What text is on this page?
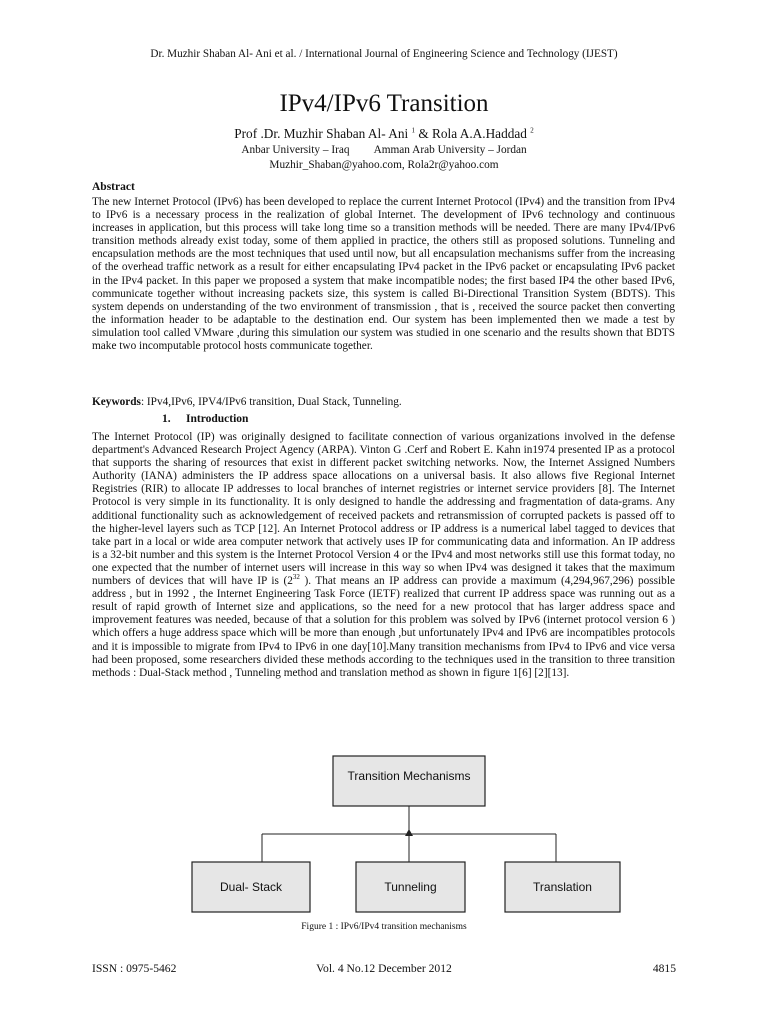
Dr. Muzhir Shaban Al- Ani et al. / International Journal of Engineering Science and Technology (IJEST)
IPv4/IPv6 Transition
Prof .Dr. Muzhir Shaban Al- Ani $^1$ & Rola A.A.Haddad $^2$
Anbar University – Iraq Amman Arab University – Jordan
Muzhir_Shaban@yahoo.com, Rola2r@yahoo.com
Abstract

The new Internet Protocol (IPv6) has been developed to replace the current Internet Protocol (IPv4) and the transition from IPv4 to IPv6 is a necessary process in the realization of global Internet. The development of IPv6 technology and continuous increases in application, but this process will take long time so a transition methods will be needed. There are many IPv4/IPv6 transition methods already exist today, some of them applied in practice, the others still as proposed solutions. Tunneling and encapsulation methods are the most techniques that used until now, but all encapsulation mechanisms suffer from the increasing of the overhead traffic network as a result for either encapsulating IPv4 packet in the IPv6 packet or encapsulating IPv6 packet in the IPv4 packet. In this paper we proposed a system that make incompatible nodes; the first based IP4 the other based IPv6, communicate together without increasing packets size, this system is called Bi-Directional Transition System (BDTS). This system depends on understanding of the two environment of transmission , that is , received the source packet then converting the information header to be adaptable to the destination end. Our system has been implemented then we made a test by simulation tool called VMware ,during this simulation our system was studied in one scenario and the results shown that BDTS make two incomputable protocol hosts communicate together.

Keywords: IPv4,IPv6, IPV4/IPv6 transition, Dual Stack, Tunneling.

1. Introduction

The Internet Protocol (IP) was originally designed to facilitate connection of various organizations involved in the defense department's Advanced Research Project Agency (ARPA). Vinton G .Cerf and Robert E. Kahn in1974 presented IP as a protocol that supports the sharing of resources that exist in different packet switching networks. Now, the Internet Assigned Numbers Authority (IANA) administers the IP address space allocations on a universal basis. It also allows five Regional Internet Registries (RIR) to allocate IP addresses to local branches of internet registries or internet service providers [8]. The Internet Protocol is very simple in its functionality. It is only designed to handle the addressing and fragmentation of data-grams. Any additional functionality such as acknowledgement of received packets and retransmission of corrupted packets is passed off to the higher-level layers such as TCP [12]. An Internet Protocol address or IP address is a numerical label tagged to devices that take part in a local or wide area computer network that actively uses IP for communicating data and information. An IP address is a 32-bit number and this system is the Internet Protocol Version 4 or the IPv4 and most networks still use this format today, no one expected that the number of internet users will increase in this way so when IPv4 was designed it takes that the maximum numbers of devices that will have IP is ($2^{32}$ ). That means an IP address can provide a maximum (4,294,967,296) possible address , but in 1992 , the Internet Engineering Task Force (IETF) realized that current IP address space was running out as a result of rapid growth of Internet size and applications, so the need for a new protocol that has larger address space and improvement features was needed, because of that a solution for this problem was solved by IPv6 (internet protocol version 6 ) which offers a huge address space which will be more than enough ,but unfortunately IPv4 and IPv6 are incompatibles protocols and it is impossible to migrate from IPv4 to IPv6 in one day[10].Many transition mechanisms from IPv4 to IPv6 and vice versa had been proposed, some researchers divided these methods according to the techniques used in the transition to three transition methods : Dual-Stack method , Tunneling method and translation method as shown in figure 1[6] [2][13].

Transition Mechanisms
Dual- Stack	Tunneling	Translation
Figure 1 : IPv6/IPv4 transition mechanisms
ISSN : 0975-5462	Vol. 4 No.12 December 2012	4815
